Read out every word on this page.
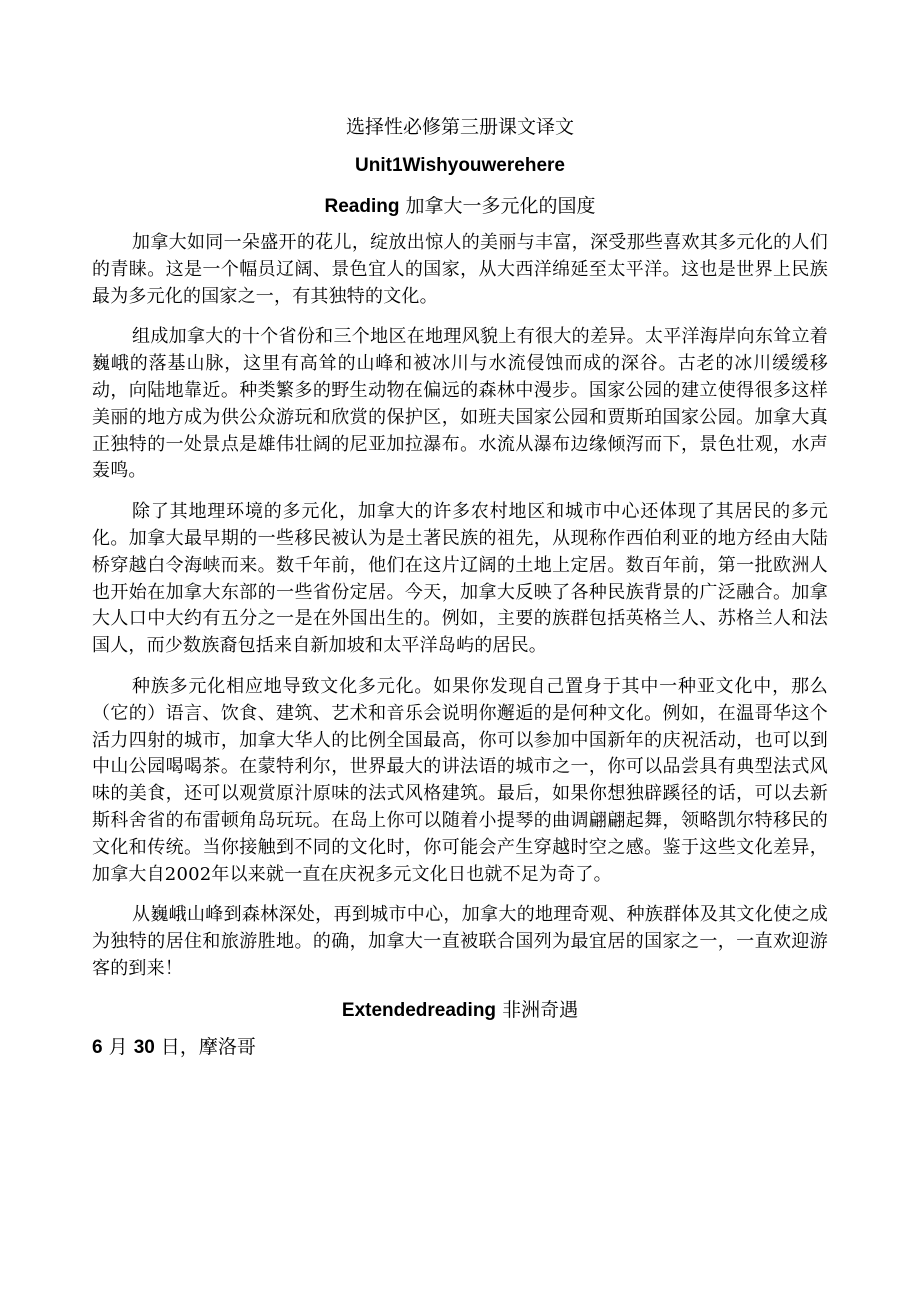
选择性必修第三册课文译文
Unit1Wishyouwerehere
Reading 加拿大一多元化的国度

加拿大如同一朵盛开的花儿，绽放出惊人的美丽与丰富，深受那些喜欢其多元化的人们的青睐。这是一个幅员辽阔、景色宜人的国家，从大西洋绵延至太平洋。这也是世界上民族最为多元化的国家之一，有其独特的文化。

组成加拿大的十个省份和三个地区在地理风貌上有很大的差异。太平洋海岸向东耸立着巍峨的落基山脉，这里有高耸的山峰和被冰川与水流侵蚀而成的深谷。古老的冰川缓缓移动，向陆地靠近。种类繁多的野生动物在偏远的森林中漫步。国家公园的建立使得很多这样美丽的地方成为供公众游玩和欣赏的保护区，如班夫国家公园和贾斯珀国家公园。加拿大真正独特的一处景点是雄伟壮阔的尼亚加拉瀑布。水流从瀑布边缘倾泻而下，景色壮观，水声轰鸣。

除了其地理环境的多元化，加拿大的许多农村地区和城市中心还体现了其居民的多元化。加拿大最早期的一些移民被认为是土著民族的祖先，从现称作西伯利亚的地方经由大陆桥穿越白令海峡而来。数千年前，他们在这片辽阔的土地上定居。数百年前，第一批欧洲人也开始在加拿大东部的一些省份定居。今天，加拿大反映了各种民族背景的广泛融合。加拿大人口中大约有五分之一是在外国出生的。例如，主要的族群包括英格兰人、苏格兰人和法国人，而少数族裔包括来自新加坡和太平洋岛屿的居民。

种族多元化相应地导致文化多元化。如果你发现自己置身于其中一种亚文化中，那么（它的）语言、饮食、建筑、艺术和音乐会说明你邂逅的是何种文化。例如，在温哥华这个活力四射的城市，加拿大华人的比例全国最高，你可以参加中国新年的庆祝活动，也可以到中山公园喝喝茶。在蒙特利尔，世界最大的讲法语的城市之一，你可以品尝具有典型法式风味的美食，还可以观赏原汁原味的法式风格建筑。最后，如果你想独辟蹊径的话，可以去新斯科舍省的布雷顿角岛玩玩。在岛上你可以随着小提琴的曲调翩翩起舞，领略凯尔特移民的文化和传统。当你接触到不同的文化时，你可能会产生穿越时空之感。鉴于这些文化差异，加拿大自2002年以来就一直在庆祝多元文化日也就不足为奇了。

从巍峨山峰到森林深处，再到城市中心，加拿大的地理奇观、种族群体及其文化使之成为独特的居住和旅游胜地。的确，加拿大一直被联合国列为最宜居的国家之一，一直欢迎游客的到来！

Extendedreading 非洲奇遇
6 月 30 日，摩洛哥
